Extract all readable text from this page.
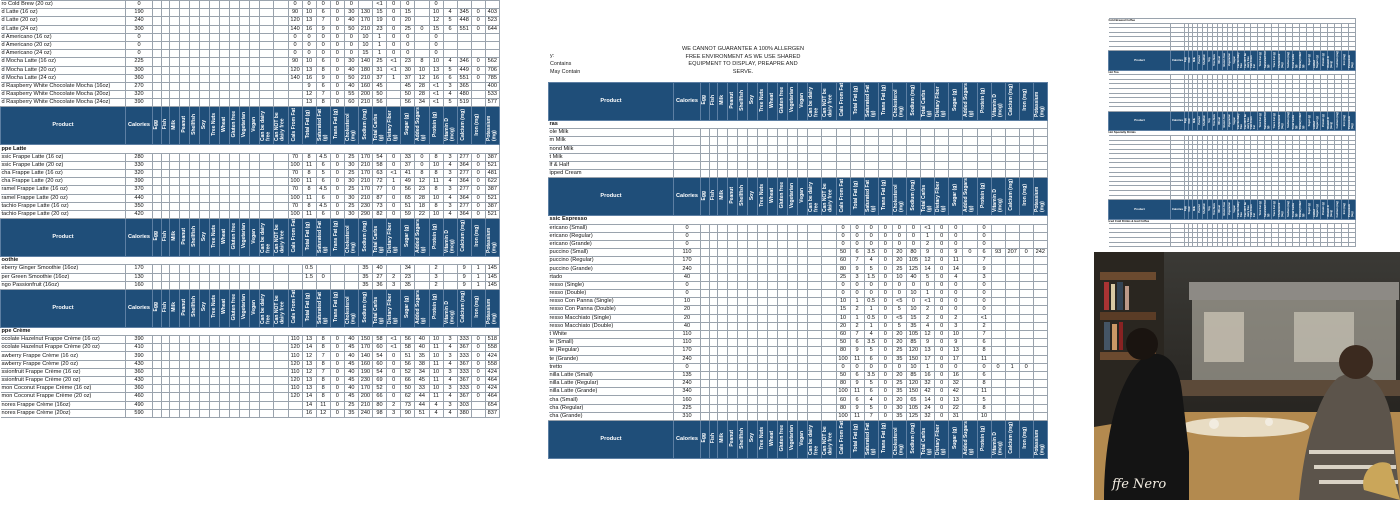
ro Cold Brew (20 oz)	0														0	0	0	0	0		<1	0	0		0				
d Latte (16 oz)	190														90	10	6	0	30	130	15	0	15		10	4	345	0	403
d Latte (20 oz)	240														120	13	7	0	40	170	19	0	20		12	5	448	0	523
d Latte (24 oz)	300														140	16	9	0	50	210	23	0	25	0	15	6	551	0	644
d Americano (16 oz)	0														0	0	0	0	0	10	1	0	0		0				
d Americano (20 oz)	0														0	0	0	0	0	10	1	0	0		0				
d Americano (24 oz)	0														0	0	0	0	0	15	1	0	0		0				
d Mocha Latte (16 oz)	225														90	10	6	0	30	140	25	<1	23	8	10	4	346	0	562
d Mocha Latte (20 oz)	300														120	13	8	0	40	180	31	<1	30	10	13	5	449	0	706
d Mocha Latte (24 oz)	360														140	16	9	0	50	210	37	1	37	12	16	6	551	0	785
d Raspberry White Chocolate Mocha (16oz)	270															9	6	0	40	160	45		45	28	<1	3	365		400
d Raspberry White Chocolate Mocha (20oz)	320															12	7	0	55	200	50		50	28	<1	4	480		533
d Raspberry White Chocolate Mocha (24oz)	390															13	8	0	60	210	56		56	34	<1	5	519		577
Product	Calories	Egg	Fish	Milk	Peanut	Shellfish	Soy	Tree Nuts	Wheat	Gluten free	Vegetarian	Vegan	Can be dairy free	Can NOT be dairy free	Cals From Fat	Total Fat (g)	Saturated Fat (g)	Trans Fat (g)	Cholesterol (mg)	Sodium (mg)	Total Carbs (g)	Dietary Fiber (g)	Sugar (g)	Added Sugars (g)	Protein (g)	Vitamin D (mcg)	Calcium (mg)	Iron (mg)	Potassium (mg)
ppe Latte																													
ssic Frappe Latte (16 oz)	280														70	8	4.5	0	25	170	54	0	33	0	8	3	277	0	387
ssic Frappe Latte (20 oz)	330														100	11	6	0	30	210	58	0	37	0	10	4	364	0	521
cha Frappe Latte (16 oz)	320														70	8	5	0	25	170	63	<1	41	8	8	3	277	0	481
cha Frappe Latte (20 oz)	390														100	11	6	0	30	210	72	1	49	12	11	4	364	0	622
ramel Frappe Latte (16 oz)	370														70	8	4.5	0	25	170	77	0	56	23	8	3	277	0	387
ramel Frappe Latte (20 oz)	440														100	11	6	0	30	210	87	0	65	28	10	4	364	0	521
tachio Frappe Latte (16 oz)	350														70	8	4.5	0	25	230	73	0	51	18	8	3	277	0	387
tachio Frappe Latte (20 oz)	420														100	11	6	0	30	290	82	0	59	22	10	4	364	0	521
Product	Calories	Egg	Fish	Milk	Peanut	Shellfish	Soy	Tree Nuts	Wheat	Gluten free	Vegetarian	Vegan	Can be dairy free	Can NOT be dairy free	Cals From Fat	Total Fat (g)	Saturated Fat (g)	Trans Fat (g)	Cholesterol (mg)	Sodium (mg)	Total Carbs (g)	Dietary Fiber (g)	Sugar (g)	Added Sugars (g)	Protein (g)	Vitamin D (mcg)	Calcium (mg)	Iron (mg)	Potassium (mg)
oothie																													
eberry Ginger Smoothie (16oz)	170															0.5				35	40		34		2		9	1	145
per Green Smoothie (16oz)	130															1.5	0			35	27	2	23		3		9	1	145
ngo Passionfruit (16oz)	160																			35	36	3	35		2		9	1	145
Product	Calories	Egg	Fish	Milk	Peanut	Shellfish	Soy	Tree Nuts	Wheat	Gluten free	Vegetarian	Vegan	Can be dairy free	Can NOT be dairy free	Cals From Fat	Total Fat (g)	Saturated Fat (g)	Trans Fat (g)	Cholesterol (mg)	Sodium (mg)	Total Carbs (g)	Dietary Fiber (g)	Sugar (g)	Added Sugars (g)	Protein (g)	Vitamin D (mcg)	Calcium (mg)	Iron (mg)	Potassium (mg)
ppe Crème																													
ocolate Hazelnut Frappe Crème (16 oz)	390														110	13	8	0	40	150	58	<1	56	40	10	3	333	0	518
ocolate Hazelnut Frappe Crème (20 oz)	410														120	14	8	0	45	170	60	<1	58	40	11	4	367	0	558
awberry Frappe Crème (16 oz)	390														110	12	7	0	40	140	54	0	51	35	10	3	333	0	424
awberry Frappe Crème (20 oz)	430														120	13	8	0	45	160	60	0	56	38	11	4	367	0	558
ssionfruit Frappe Crème (16 oz)	360														110	12	7	0	40	190	54	0	52	34	10	3	333	0	424
ssionfruit Frappe Crème (20 oz)	430														120	13	8	0	45	230	69	0	66	45	11	4	367	0	464
mon Coconut Frappe Crème (16 oz)	360														110	13	8	0	40	170	52	0	50	33	10	3	333	0	424
mon Coconut Frappe Crème (20 oz)	460														120	14	8	0	45	200	66	0	62	44	11	4	367	0	464
nores Frappe Crème (16oz)	490															14	11	0	25	210	80	2	73	44	4	3	303		654
nores Frappe Crème (20oz)	590															16	12	0	35	240	98	3	90	51	4	4	380		837
y:
Contains
May Contain
WE CANNOT GUARANTEE A 100% ALLERGEN FREE ENVIRONMENT AS WE USE SHARED EQUIPMENT TO DISPLAY, PREAPRE AND SERVE.
Product	Calories	Egg	Fish	Milk	Peanut	Shellfish	Soy	Tree Nuts	Wheat	Gluten free	Vegetarian	Vegan	Can be dairy free	Can NOT be dairy free	Cals From Fat	Total Fat (g)	Saturated Fat (g)	Trans Fat (g)	Cholesterol (mg)	Sodium (mg)	Total Carbs (g)	Dietary Fiber (g)	Sugar (g)	Added Sugars (g)	Protein (g)	Vitamin D (mcg)	Calcium (mg)	Iron (mg)	Potassium (mg)
ras																													
ole Milk																													
m Milk																													
nond Milk																													
t Milk																													
lf & Half																													
ipped Cream																													
Product	Calories	Egg	Fish	Milk	Peanut	Shellfish	Soy	Tree Nuts	Wheat	Gluten free	Vegetarian	Vegan	Can be dairy free	Can NOT be dairy free	Cals From Fat	Total Fat (g)	Saturated Fat (g)	Trans Fat (g)	Cholesterol (mg)	Sodium (mg)	Total Carbs (g)	Dietary Fiber (g)	Sugar (g)	Added Sugars (g)	Protein (g)	Vitamin D (mcg)	Calcium (mg)	Iron (mg)	Potassium (mg)
ssic Espresso																													
ericano (Small)	0														0	0	0	0	0	0	<1	0	0		0				
ericano (Regular)	0														0	0	0	0	0	0	1	0	0		0				
ericano (Grande)	0														0	0	0	0	0	0	2	0	0		0				
puccino (Small)	110														50	6	3.5	0	20	80	9	0	9	0	6	93	207	0	242
puccino (Regular)	170														60	7	4	0	20	105	12	0	11		7				
puccino (Grande)	240														80	9	5	0	25	125	14	0	14		9				
rtado	40														25	3	1.5	0	10	40	5	0	4		3				
resso (Single)	0														0	0	0	0	0	0	0	0	0		0				
resso (Double)	0														0	0	0	0	0	10	1	0	0		0				
resso Con Panna (Single)	10														10	1	0.5	0	<5	0	<1	0	0		0				
resso Con Panna (Double)	20														15	2	1	0	5	10	2	0	0		0				
resso Macchiato (Single)	20														10	1	0.5	0	<5	15	2	0	2		<1				
resso Macchiato (Double)	40														20	2	1	0	5	35	4	0	3		2				
t White	110														60	7	4	0	20	105	12	0	10		7				
te (Small)	110														50	6	3.5	0	20	85	9	0	9		6				
te (Regular)	170														80	9	5	0	25	120	13	0	13		8				
te (Grande)	240														100	11	6	0	35	150	17	0	17		11				
tretto	0														0	0	0	0	0	10	1	0	0		0	0	1	0	
nilla Latte (Small)	135														50	6	3.5	0	20	85	16	0	16		6				
nilla Latte (Regular)	240														80	9	5	0	25	120	32	0	32		8				
nilla Latte (Grande)	340														100	11	6	0	35	150	42	0	42		11				
cha (Small)	160														60	6	4	0	20	65	14	0	13		5				
cha (Regular)	225														80	9	5	0	30	105	24	0	22		8				
cha (Grande)	310														100	11	7	0	35	125	32	0	31		10				
Product	Calories	Egg	Fish	Milk	Peanut	Shellfish	Soy	Tree Nuts	Wheat	Gluten free	Vegetarian	Vegan	Can be dairy free	Can NOT be dairy free	Cals From Fat	Total Fat (g)	Saturated Fat (g)	Trans Fat (g)	Cholesterol (mg)	Sodium (mg)	Total Carbs (g)	Dietary Fiber (g)	Sugar (g)	Added Sugars (g)	Protein (g)	Vitamin D (mcg)	Calcium (mg)	Iron (mg)	Potassium (mg)
Cold Brewed Coffee																													

Product	Calories	Egg	Fish	Milk	Peanut	Shellfish	Soy	Tree Nuts	Wheat	Gluten free	Vegetarian	Vegan	Can be dairy free	Can NOT be dairy free	Cals From Fat	Total Fat (g)	Saturated Fat (g)	Trans Fat (g)	Cholesterol (mg)	Sodium (mg)	Total Carbs (g)	Dietary Fiber (g)	Sugar (g)	Added Sugars (g)	Protein (g)	Vitamin D (mcg)	Calcium (mg)	Iron (mg)	Potassium (mg)
Hot Tea																													

Product	Calories	Egg	Fish	Milk	Peanut	Shellfish	Soy	Tree Nuts	Wheat	Gluten free	Vegetarian	Vegan	Can be dairy free	Can NOT be dairy free	Cals From Fat	Total Fat (g)	Saturated Fat (g)	Trans Fat (g)	Cholesterol (mg)	Sodium (mg)	Total Carbs (g)	Dietary Fiber (g)	Sugar (g)	Added Sugars (g)	Protein (g)	Vitamin D (mcg)	Calcium (mg)	Iron (mg)	Potassium (mg)
Hot Specialty Drinks																													

Product	Calories	Egg	Fish	Milk	Peanut	Shellfish	Soy	Tree Nuts	Wheat	Gluten free	Vegetarian	Vegan	Can be dairy free	Can NOT be dairy free	Cals From Fat	Total Fat (g)	Saturated Fat (g)	Trans Fat (g)	Cholesterol (mg)	Sodium (mg)	Total Carbs (g)	Dietary Fiber (g)	Sugar (g)	Added Sugars (g)	Protein (g)	Vitamin D (mcg)	Calcium (mg)	Iron (mg)	Potassium (mg)
Iced Cold Drinks & Iced Coffee																													

ffe Nero
